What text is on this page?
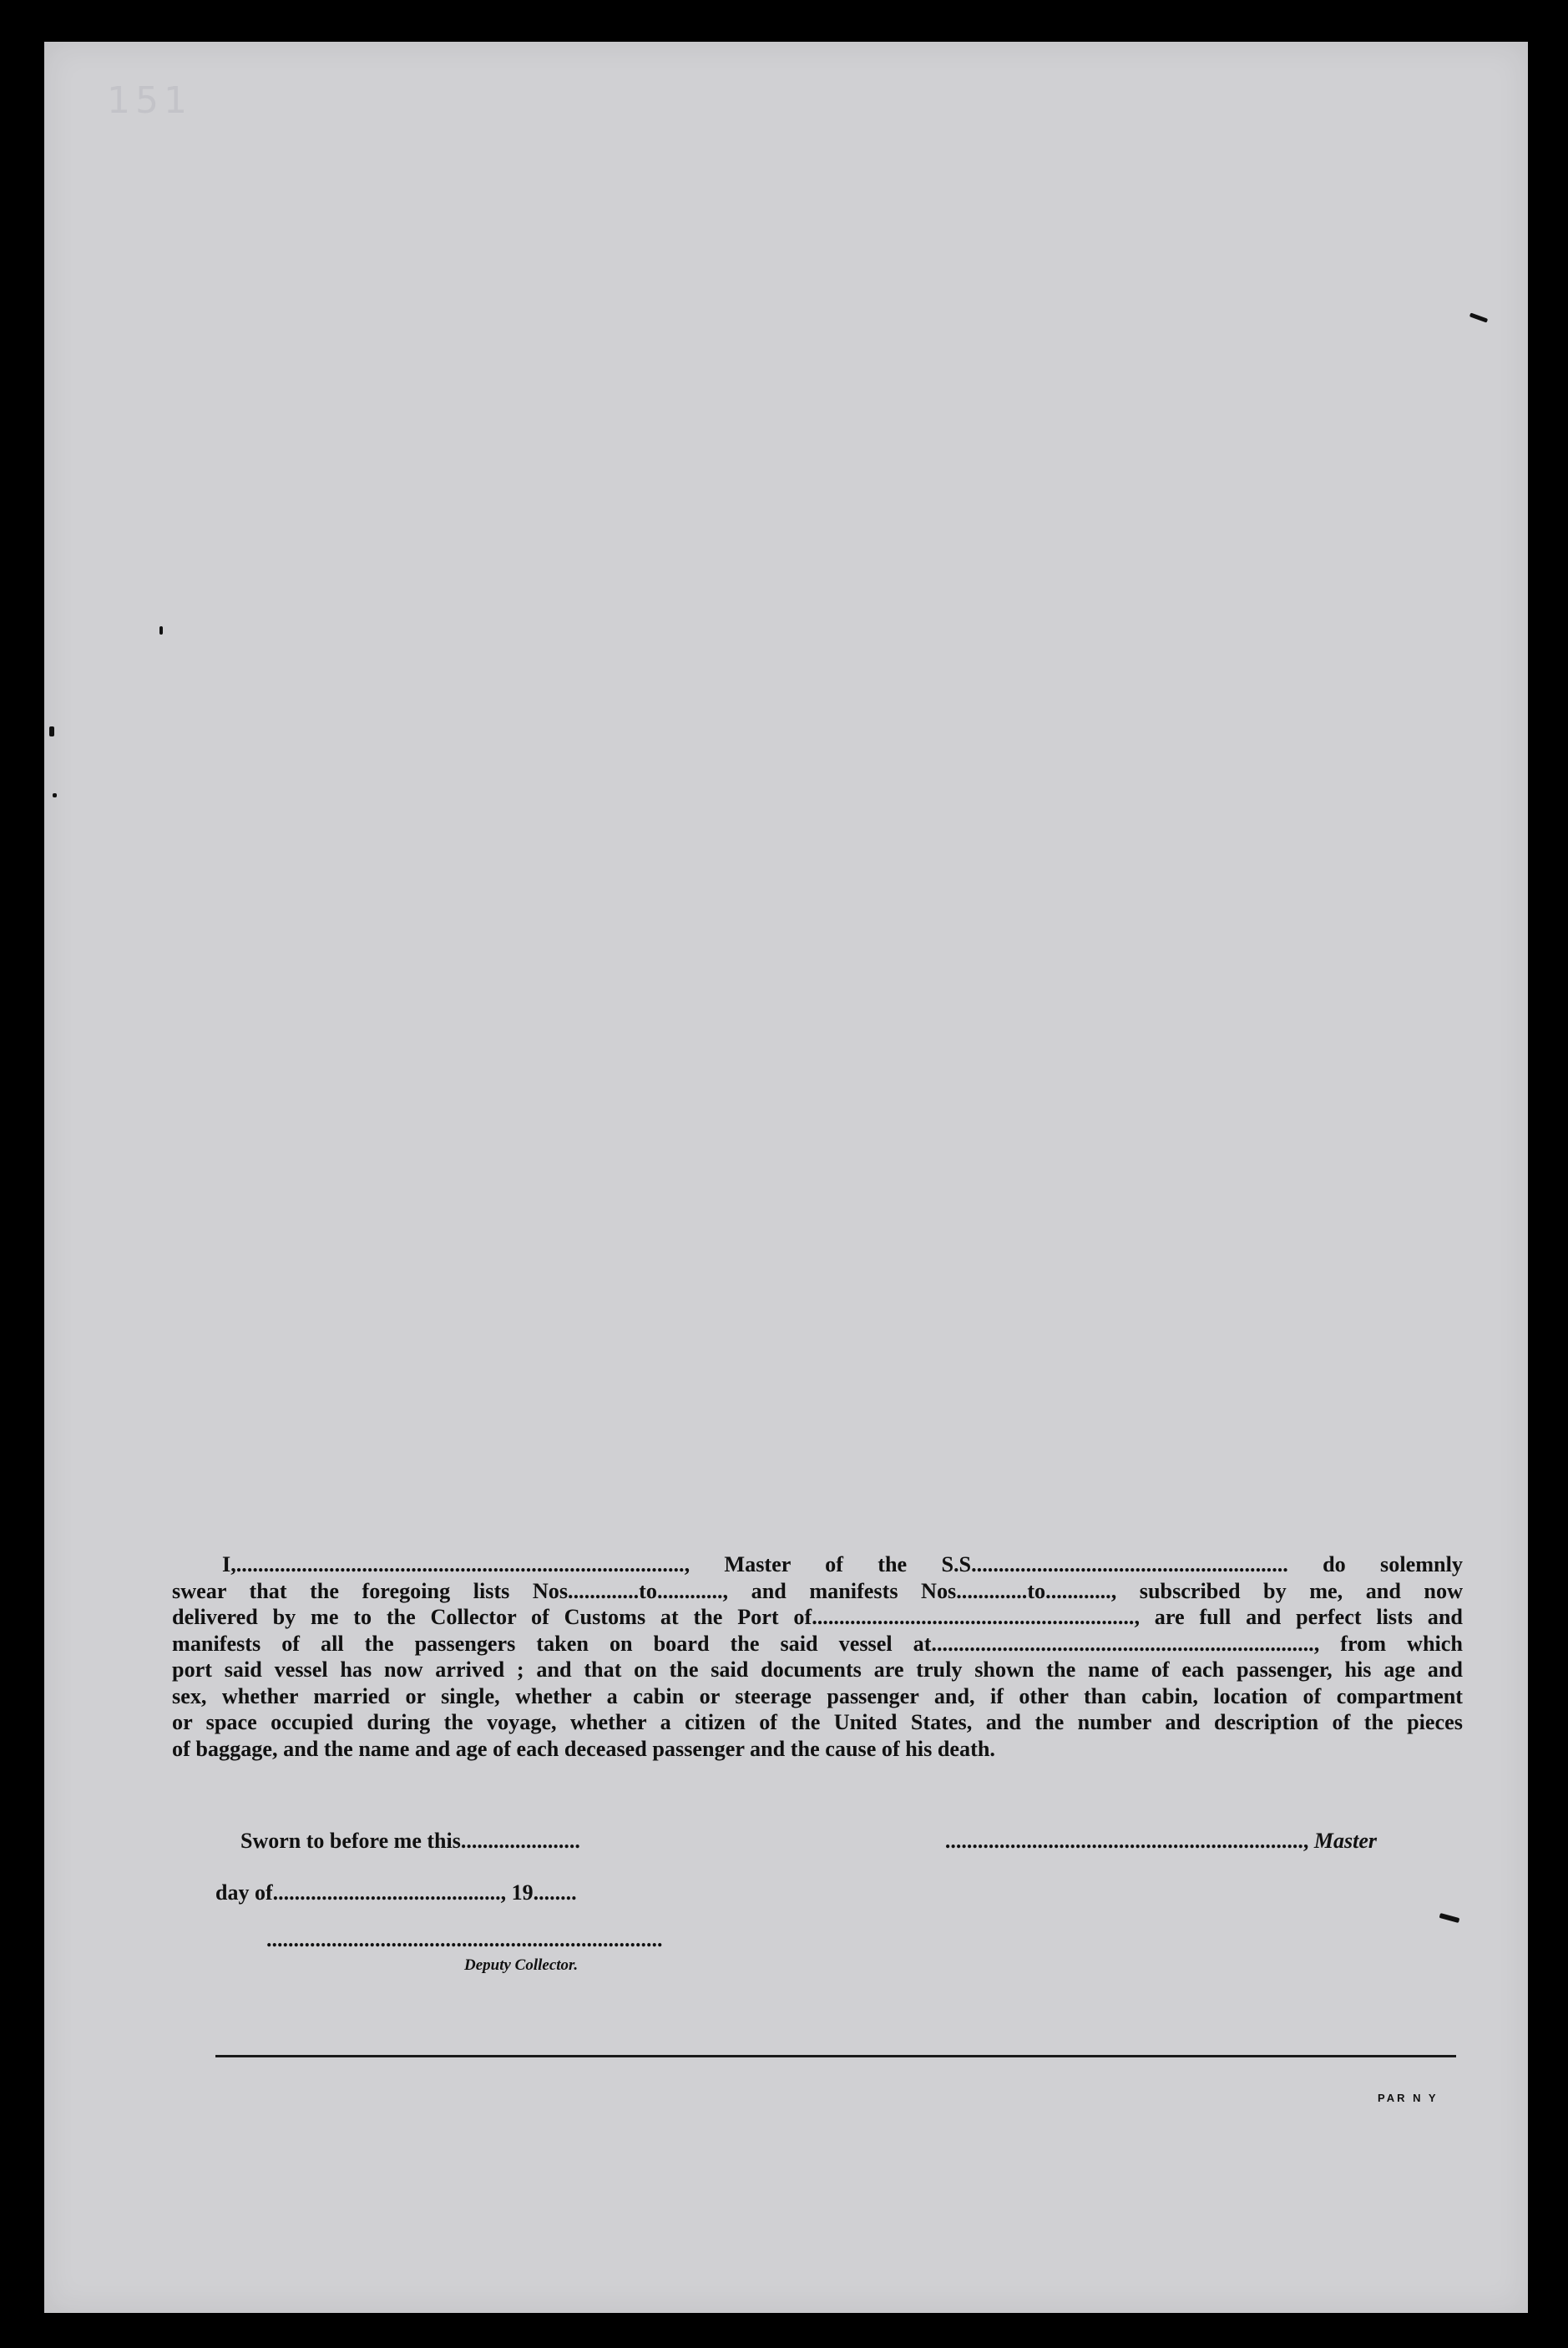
151
I,.................................................................................., Master of the S.S.......................................................... do solemnly
swear that the foregoing lists Nos.............to............, and manifests Nos.............to............, subscribed by me, and now
delivered by me to the Collector of Customs at the Port of..........................................................., are full and perfect lists and
manifests of all the passengers taken on board the said vessel at......................................................................, from which
port said vessel has now arrived ; and that on the said documents are truly shown the name of each passenger, his age and
sex, whether married or single, whether a cabin or steerage passenger and, if other than cabin, location of compartment
or space occupied during the voyage, whether a citizen of the United States, and the number and description of the pieces
of baggage, and the name and age of each deceased passenger and the cause of his death.
Sworn to before me this......................	.................................................................., Master
day of.........................................., 19........
.........................................................................
Deputy Collector.
PAR N Y
